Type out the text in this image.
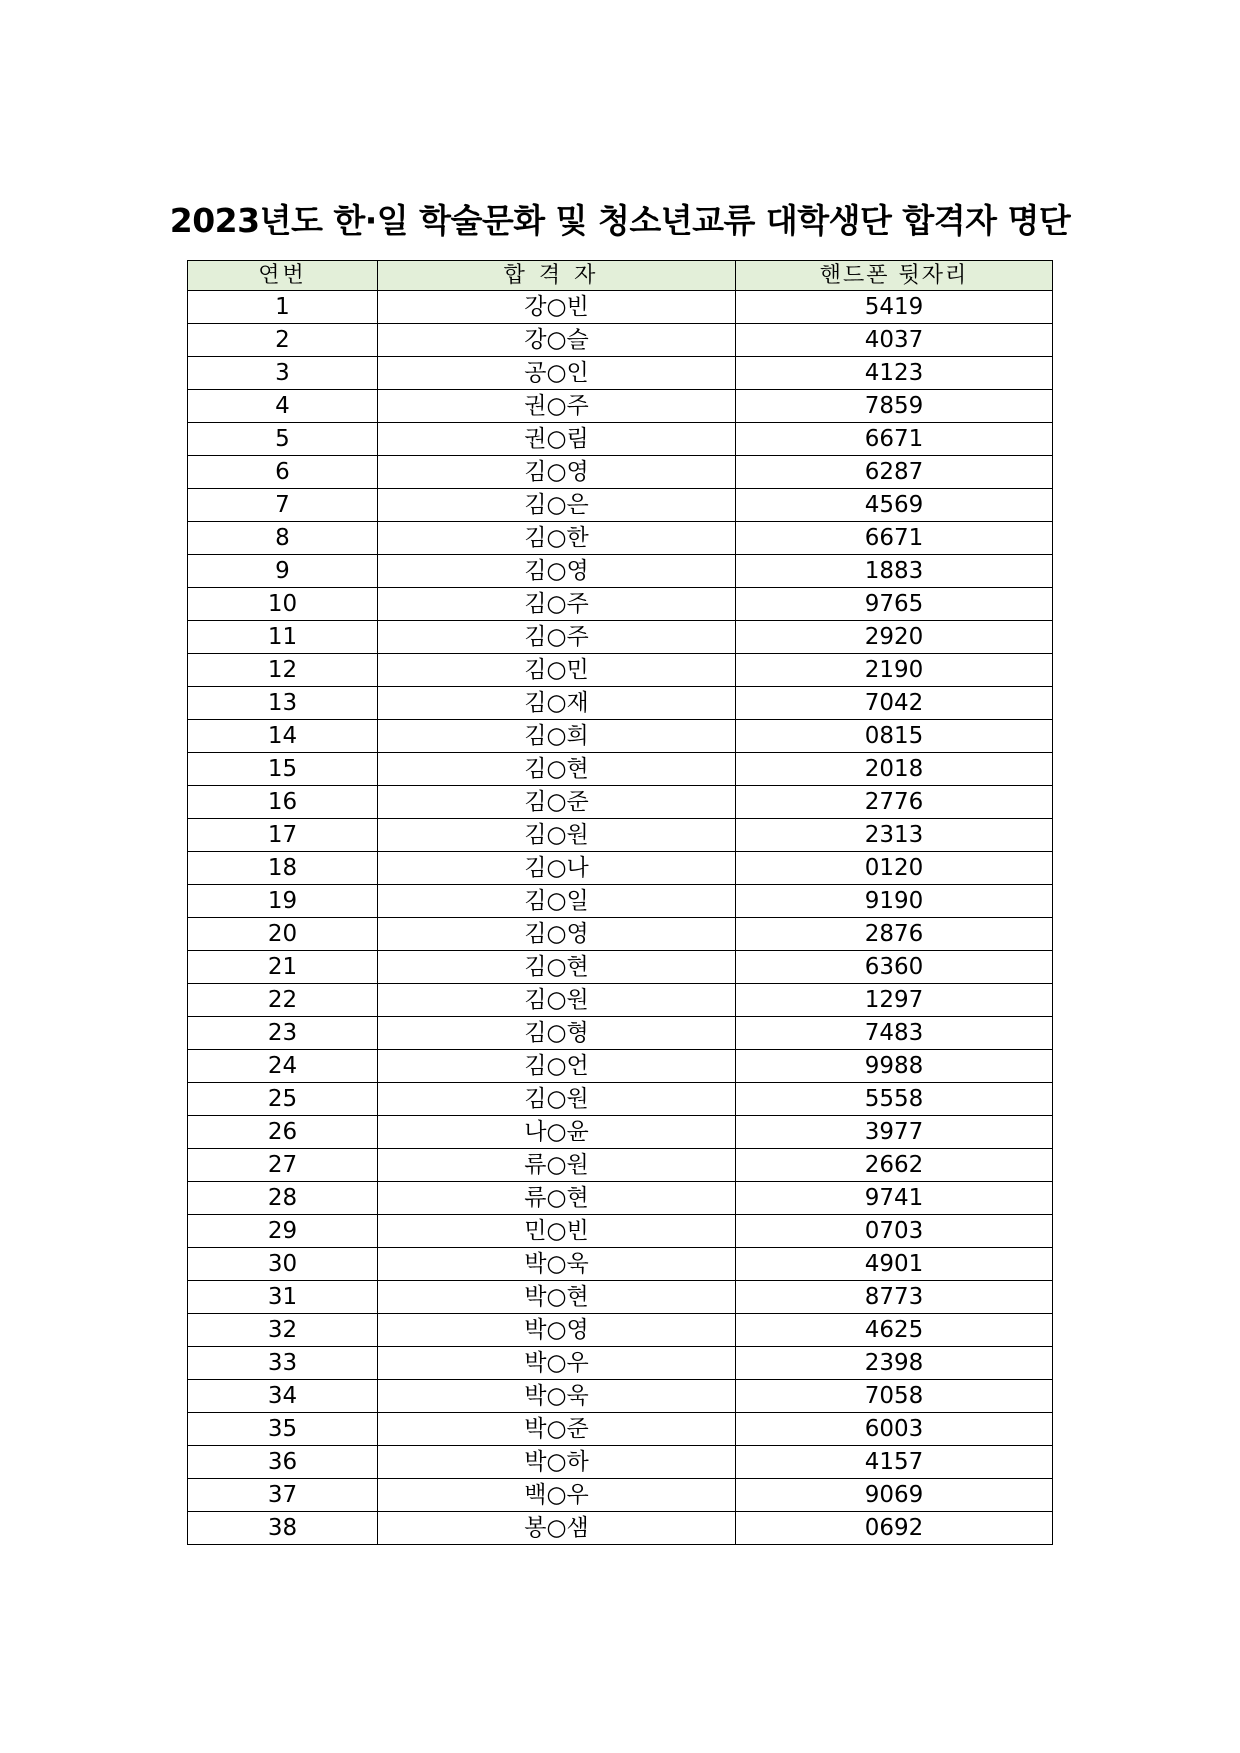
2023년도 한·일 학술문화 및 청소년교류 대학생단 합격자 명단
연번	합격자	핸드폰 뒷자리
1	강○빈	5419
2	강○슬	4037
3	공○인	4123
4	권○주	7859
5	권○림	6671
6	김○영	6287
7	김○은	4569
8	김○한	6671
9	김○영	1883
10	김○주	9765
11	김○주	2920
12	김○민	2190
13	김○재	7042
14	김○희	0815
15	김○현	2018
16	김○준	2776
17	김○원	2313
18	김○나	0120
19	김○일	9190
20	김○영	2876
21	김○현	6360
22	김○원	1297
23	김○형	7483
24	김○언	9988
25	김○원	5558
26	나○윤	3977
27	류○원	2662
28	류○현	9741
29	민○빈	0703
30	박○욱	4901
31	박○현	8773
32	박○영	4625
33	박○우	2398
34	박○욱	7058
35	박○준	6003
36	박○하	4157
37	백○우	9069
38	봉○샘	0692
